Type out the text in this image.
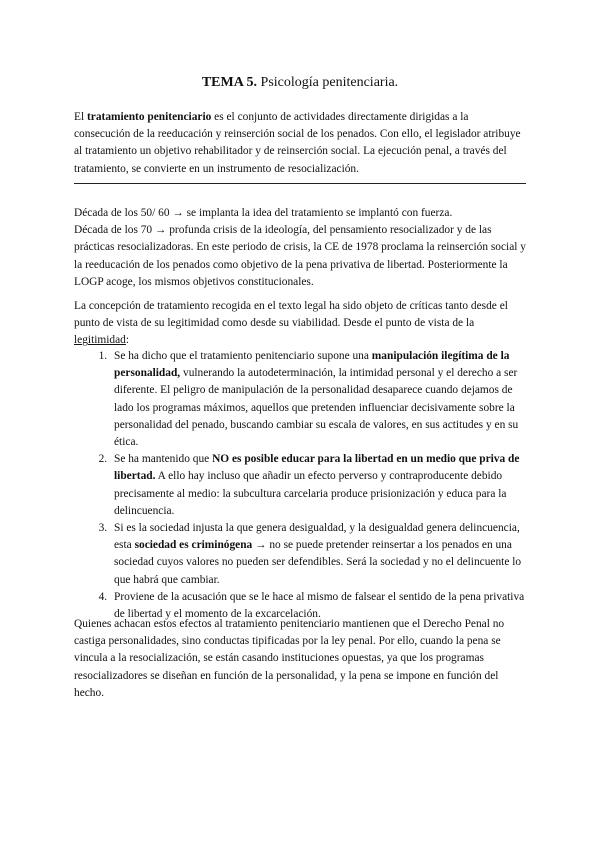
TEMA 5. Psicología penitenciaria.

El tratamiento penitenciario es el conjunto de actividades directamente dirigidas a la consecución de la reeducación y reinserción social de los penados. Con ello, el legislador atribuye al tratamiento un objetivo rehabilitador y de reinserción social. La ejecución penal, a través del tratamiento, se convierte en un instrumento de resocialización.

Década de los 50/ 60 → se implanta la idea del tratamiento se implantó con fuerza.

Década de los 70 → profunda crisis de la ideología, del pensamiento resocializador y de las prácticas resocializadoras. En este periodo de crisis, la CE de 1978 proclama la reinserción social y la reeducación de los penados como objetivo de la pena privativa de libertad. Posteriormente la LOGP acoge, los mismos objetivos constitucionales.

La concepción de tratamiento recogida en el texto legal ha sido objeto de críticas tanto desde el punto de vista de su legitimidad como desde su viabilidad. Desde el punto de vista de la legitimidad:

1. Se ha dicho que el tratamiento penitenciario supone una manipulación ilegítima de la personalidad, vulnerando la autodeterminación, la intimidad personal y el derecho a ser diferente. El peligro de manipulación de la personalidad desaparece cuando dejamos de lado los programas máximos, aquellos que pretenden influenciar decisivamente sobre la personalidad del penado, buscando cambiar su escala de valores, en sus actitudes y en su ética.
2. Se ha mantenido que NO es posible educar para la libertad en un medio que priva de libertad. A ello hay incluso que añadir un efecto perverso y contraproducente debido precisamente al medio: la subcultura carcelaria produce prisionización y educa para la delincuencia.
3. Si es la sociedad injusta la que genera desigualdad, y la desigualdad genera delincuencia, esta sociedad es criminógena → no se puede pretender reinsertar a los penados en una sociedad cuyos valores no pueden ser defendibles. Será la sociedad y no el delincuente lo que habrá que cambiar.
4. Proviene de la acusación que se le hace al mismo de falsear el sentido de la pena privativa de libertad y el momento de la excarcelación.

Quienes achacan estos efectos al tratamiento penitenciario mantienen que el Derecho Penal no castiga personalidades, sino conductas tipificadas por la ley penal. Por ello, cuando la pena se vincula a la resocialización, se están casando instituciones opuestas, ya que los programas resocializadores se diseñan en función de la personalidad, y la pena se impone en función del hecho.
